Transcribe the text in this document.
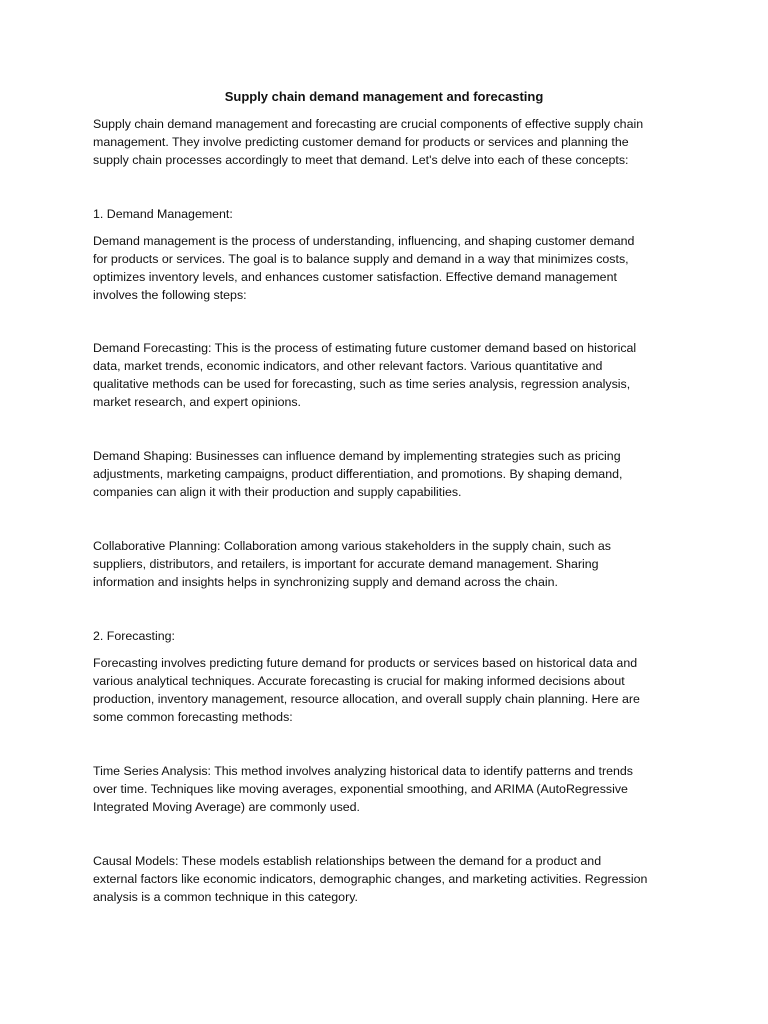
Supply chain demand management and forecasting

Supply chain demand management and forecasting are crucial components of effective supply chain
management. They involve predicting customer demand for products or services and planning the
supply chain processes accordingly to meet that demand. Let's delve into each of these concepts:

1. Demand Management:

Demand management is the process of understanding, influencing, and shaping customer demand
for products or services. The goal is to balance supply and demand in a way that minimizes costs,
optimizes inventory levels, and enhances customer satisfaction. Effective demand management
involves the following steps:

Demand Forecasting: This is the process of estimating future customer demand based on historical
data, market trends, economic indicators, and other relevant factors. Various quantitative and
qualitative methods can be used for forecasting, such as time series analysis, regression analysis,
market research, and expert opinions.

Demand Shaping: Businesses can influence demand by implementing strategies such as pricing
adjustments, marketing campaigns, product differentiation, and promotions. By shaping demand,
companies can align it with their production and supply capabilities.

Collaborative Planning: Collaboration among various stakeholders in the supply chain, such as
suppliers, distributors, and retailers, is important for accurate demand management. Sharing
information and insights helps in synchronizing supply and demand across the chain.

2. Forecasting:

Forecasting involves predicting future demand for products or services based on historical data and
various analytical techniques. Accurate forecasting is crucial for making informed decisions about
production, inventory management, resource allocation, and overall supply chain planning. Here are
some common forecasting methods:

Time Series Analysis: This method involves analyzing historical data to identify patterns and trends
over time. Techniques like moving averages, exponential smoothing, and ARIMA (AutoRegressive
Integrated Moving Average) are commonly used.

Causal Models: These models establish relationships between the demand for a product and
external factors like economic indicators, demographic changes, and marketing activities. Regression
analysis is a common technique in this category.
